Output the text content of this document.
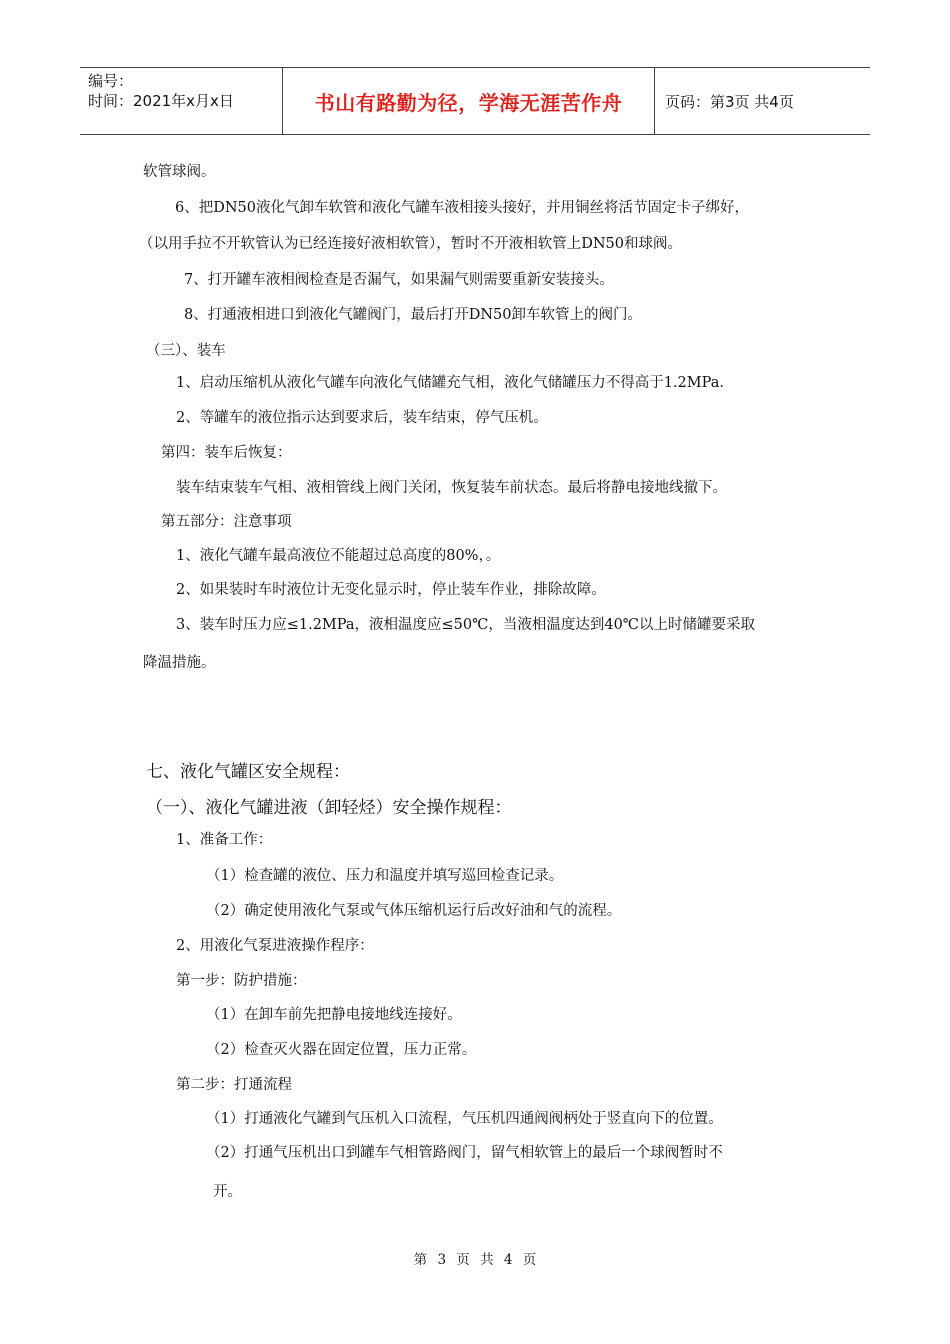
编号：
时间：2021年x月x日	书山有路勤为径，学海无涯苦作舟	页码：第3页 共4页
软管球阀。
6、把DN50液化气卸车软管和液化气罐车液相接头接好，并用铜丝将活节固定卡子绑好，
（以用手拉不开软管认为已经连接好液相软管），暂时不开液相软管上DN50和球阀。
7、打开罐车液相阀检查是否漏气，如果漏气则需要重新安装接头。
8、打通液相进口到液化气罐阀门，最后打开DN50卸车软管上的阀门。
（三）、装车
1、启动压缩机从液化气罐车向液化气储罐充气相，液化气储罐压力不得高于1.2MPa.
2、等罐车的液位指示达到要求后，装车结束，停气压机。
第四：装车后恢复：
装车结束装车气相、液相管线上阀门关闭，恢复装车前状态。最后将静电接地线撤下。
第五部分：注意事项
1、液化气罐车最高液位不能超过总高度的80%，。
2、如果装时车时液位计无变化显示时，停止装车作业，排除故障。
3、装车时压力应≤1.2MPa，液相温度应≤50℃，当液相温度达到40℃以上时储罐要采取
降温措施。
七、液化气罐区安全规程：
（一）、液化气罐进液（卸轻烃）安全操作规程：
1、准备工作：
（1）检查罐的液位、压力和温度并填写巡回检查记录。
（2）确定使用液化气泵或气体压缩机运行后改好油和气的流程。
2、用液化气泵进液操作程序：
第一步：防护措施：
（1）在卸车前先把静电接地线连接好。
（2）检查灭火器在固定位置，压力正常。
第二步：打通流程
（1）打通液化气罐到气压机入口流程，气压机四通阀阀柄处于竖直向下的位置。
（2）打通气压机出口到罐车气相管路阀门，留气相软管上的最后一个球阀暂时不
开。
第 3 页 共 4 页
